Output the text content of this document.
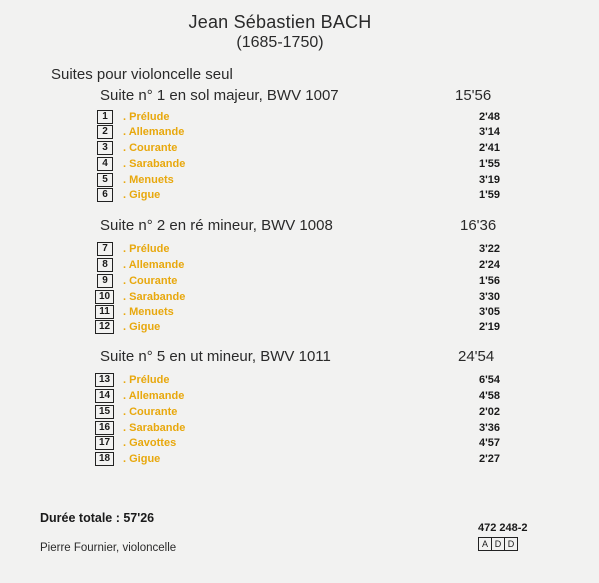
Jean Sébastien BACH
(1685-1750)
Suites pour violoncelle seul
Suite n° 1 en sol majeur, BWV 1007	15'56
1	. Prélude	2'48
2	. Allemande	3'14
3	. Courante	2'41
4	. Sarabande	1'55
5	. Menuets	3'19
6	. Gigue	1'59
Suite n° 2 en ré mineur, BWV 1008	16'36
7	. Prélude	3'22
8	. Allemande	2'24
9	. Courante	1'56
10	. Sarabande	3'30
11	. Menuets	3'05
12	. Gigue	2'19
Suite n° 5 en ut mineur, BWV 1011	24'54
13	. Prélude	6'54
14	. Allemande	4'58
15	. Courante	2'02
16	. Sarabande	3'36
17	. Gavottes	4'57
18	. Gigue	2'27
Durée totale : 57'26
472 248-2
A D D
Pierre Fournier, violoncelle
